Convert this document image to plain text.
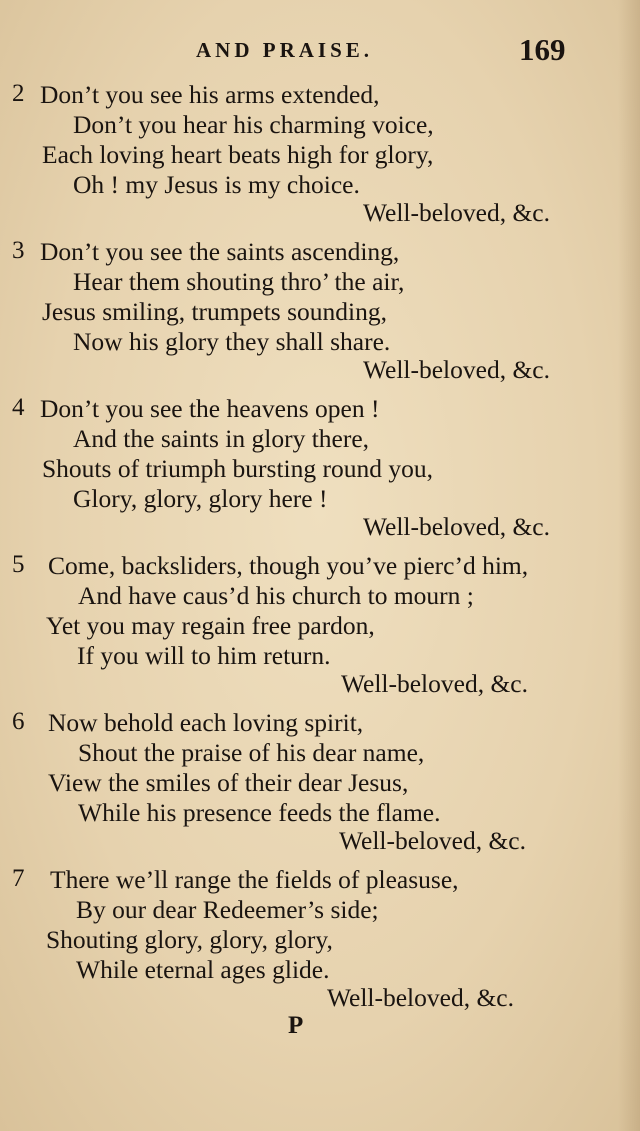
AND PRAISE.	169
2 Don’t you see his arms extended,
Don’t you hear his charming voice,
Each loving heart beats high for glory,
Oh ! my Jesus is my choice.
Well-beloved, &c.
3 Don’t you see the saints ascending,
Hear them shouting thro’ the air,
Jesus smiling, trumpets sounding,
Now his glory they shall share.
Well-beloved, &c.
4 Don’t you see the heavens open !
And the saints in glory there,
Shouts of triumph bursting round you,
Glory, glory, glory here !
Well-beloved, &c.
5 Come, backsliders, though you’ve pierc’d him,
And have caus’d his church to mourn ;
Yet you may regain free pardon,
If you will to him return.
Well-beloved, &c.
6 Now behold each loving spirit,
Shout the praise of his dear name,
View the smiles of their dear Jesus,
While his presence feeds the flame.
Well-beloved, &c.
7 There we’ll range the fields of pleasuse,
By our dear Redeemer’s side;
Shouting glory, glory, glory,
While eternal ages glide.
Well-beloved, &c.
P
